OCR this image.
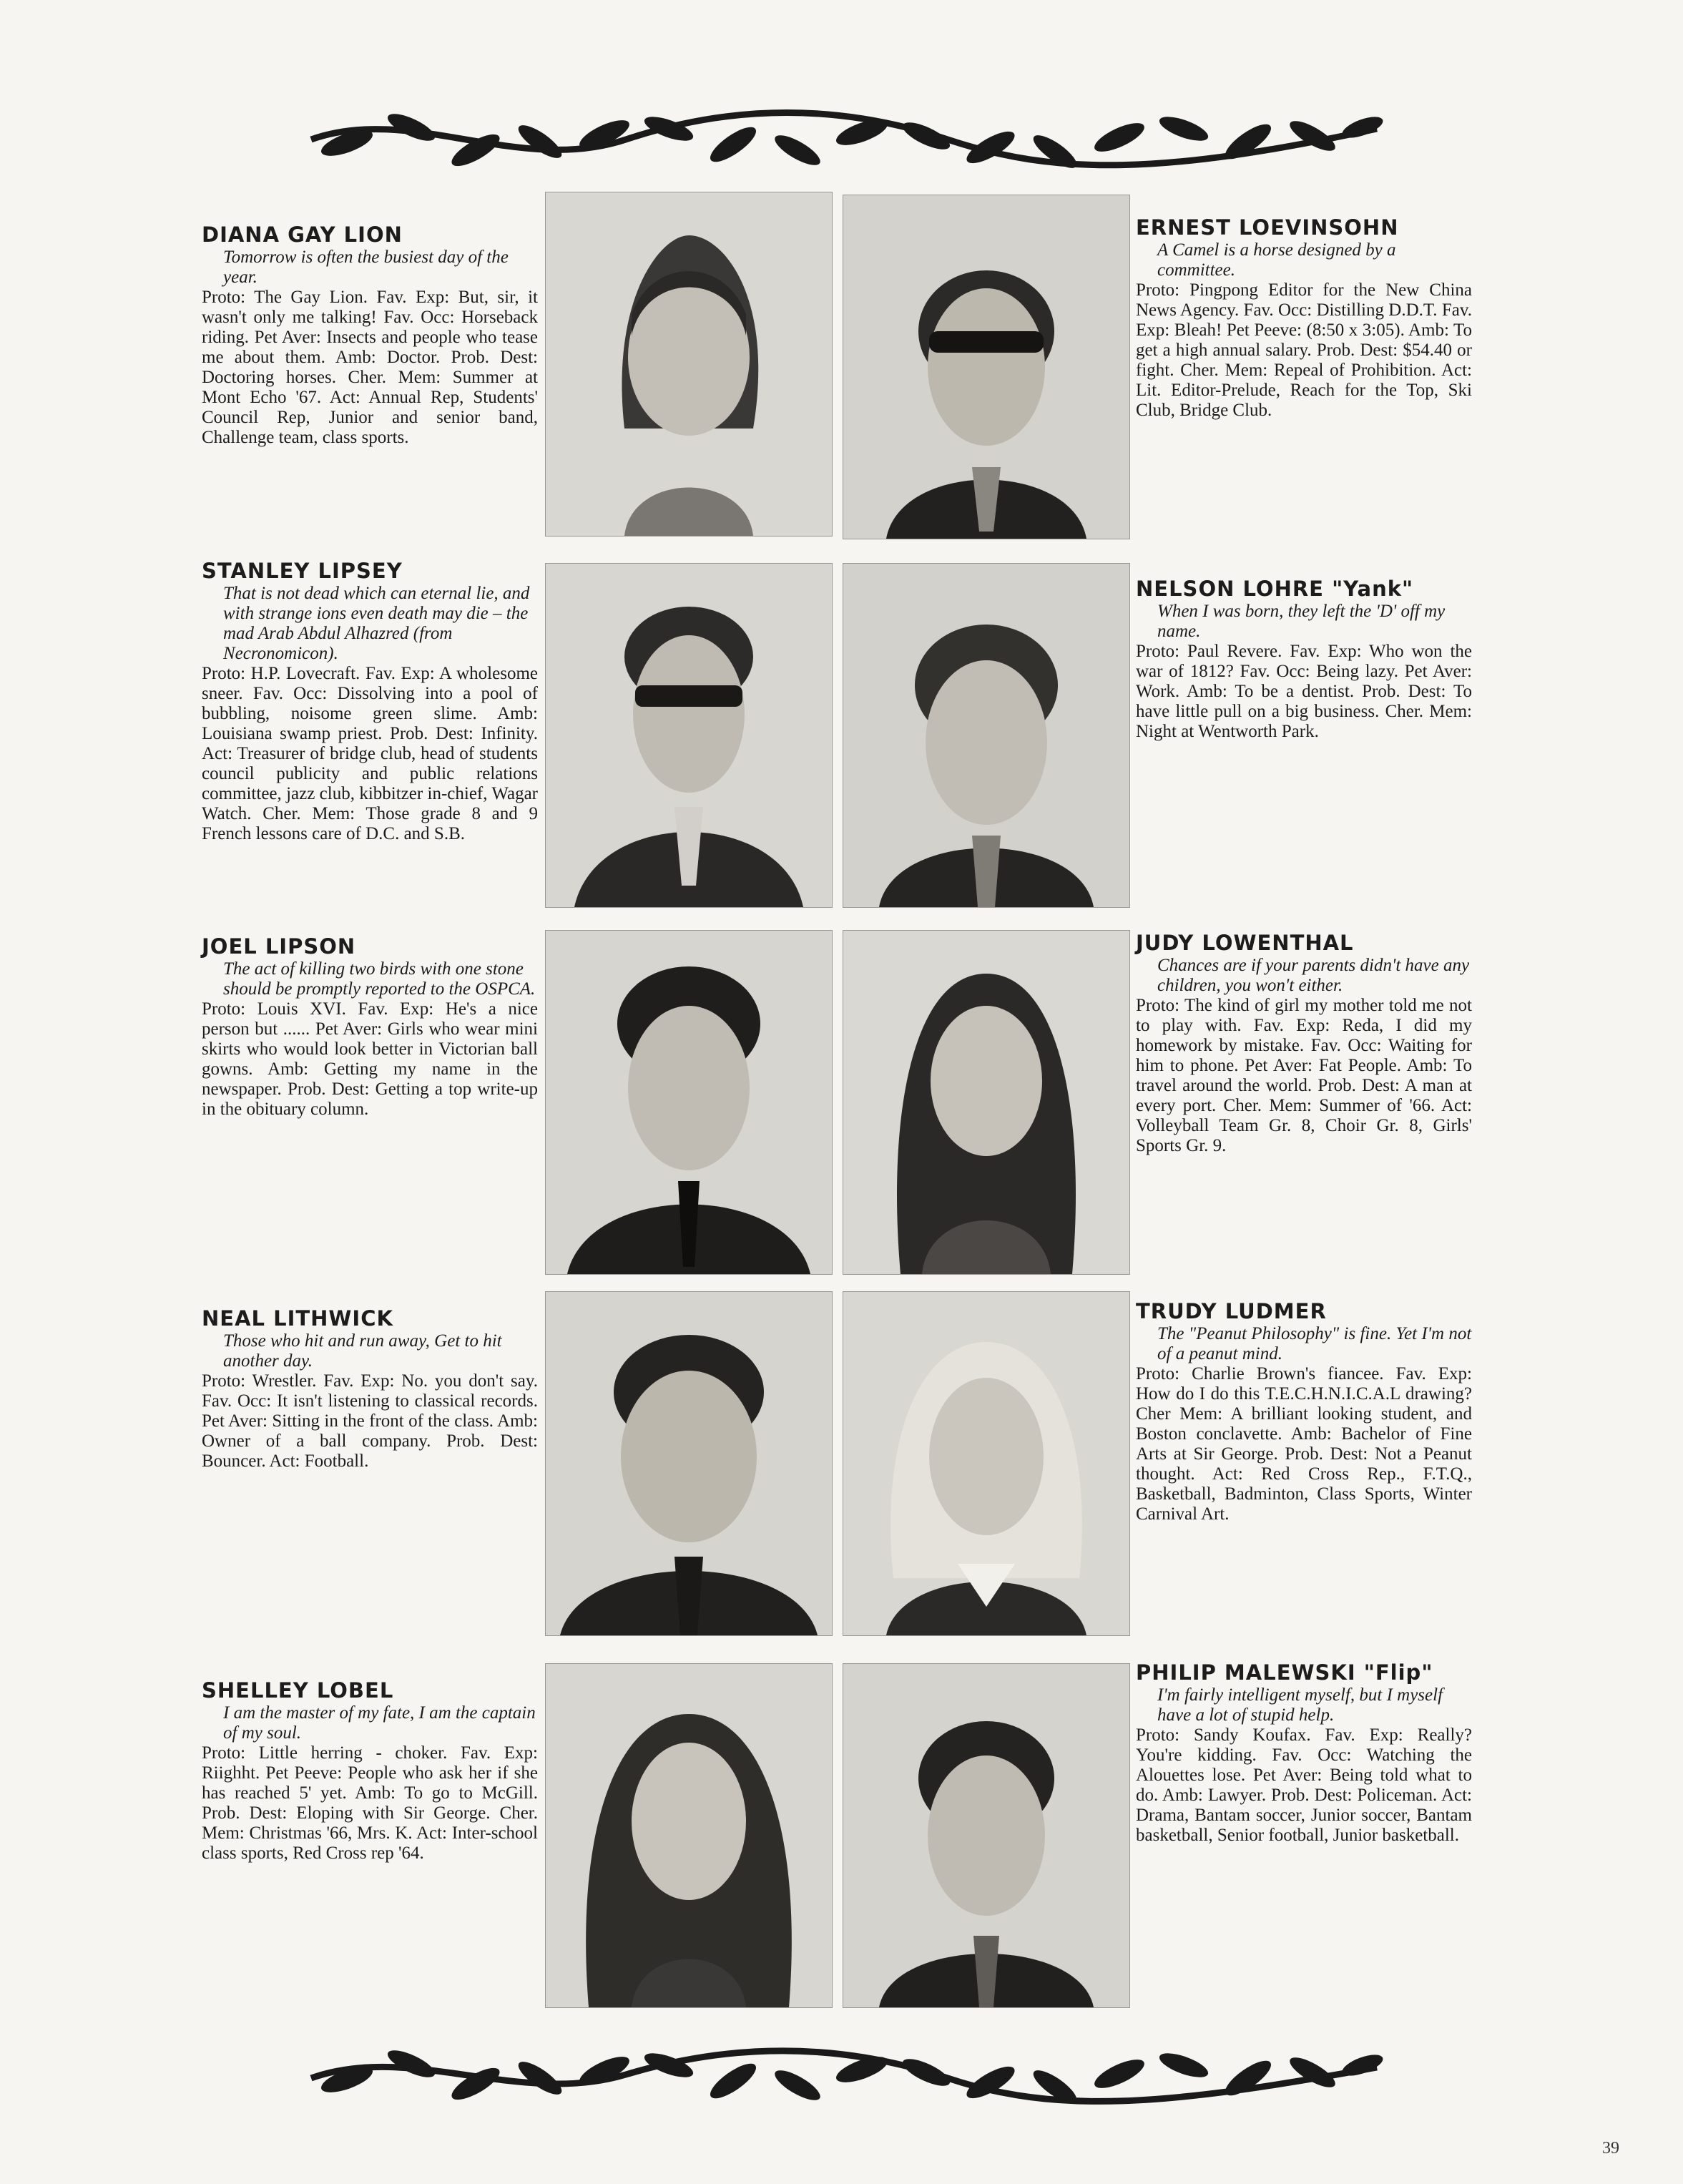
DIANA GAY LION

Tomorrow is often the busiest day of the year.

Proto: The Gay Lion. Fav. Exp: But, sir, it wasn't only me talking! Fav. Occ: Horseback riding. Pet Aver: Insects and people who tease me about them. Amb: Doctor. Prob. Dest: Doctoring horses. Cher. Mem: Summer at Mont Echo '67. Act: Annual Rep, Students' Council Rep, Junior and senior band, Challenge team, class sports.

STANLEY LIPSEY

That is not dead which can eternal lie, and with strange ions even death may die – the mad Arab Abdul Alhazred (from Necronomicon).

Proto: H.P. Lovecraft. Fav. Exp: A wholesome sneer. Fav. Occ: Dissolving into a pool of bubbling, noisome green slime. Amb: Louisiana swamp priest. Prob. Dest: Infinity. Act: Treasurer of bridge club, head of students council publicity and public relations committee, jazz club, kibbitzer in-chief, Wagar Watch. Cher. Mem: Those grade 8 and 9 French lessons care of D.C. and S.B.

JOEL LIPSON

The act of killing two birds with one stone should be promptly reported to the OSPCA.

Proto: Louis XVI. Fav. Exp: He's a nice person but ...... Pet Aver: Girls who wear mini skirts who would look better in Victorian ball gowns. Amb: Getting my name in the newspaper. Prob. Dest: Getting a top write-up in the obituary column.

NEAL LITHWICK

Those who hit and run away, Get to hit another day.

Proto: Wrestler. Fav. Exp: No. you don't say. Fav. Occ: It isn't listening to classical records. Pet Aver: Sitting in the front of the class. Amb: Owner of a ball company. Prob. Dest: Bouncer. Act: Football.

SHELLEY LOBEL

I am the master of my fate, I am the captain of my soul.

Proto: Little herring - choker. Fav. Exp: Riighht. Pet Peeve: People who ask her if she has reached 5' yet. Amb: To go to McGill. Prob. Dest: Eloping with Sir George. Cher. Mem: Christmas '66, Mrs. K. Act: Inter-school class sports, Red Cross rep '64.

ERNEST LOEVINSOHN

A Camel is a horse designed by a committee.

Proto: Pingpong Editor for the New China News Agency. Fav. Occ: Distilling D.D.T. Fav. Exp: Bleah! Pet Peeve: (8:50 x 3:05). Amb: To get a high annual salary. Prob. Dest: $54.40 or fight. Cher. Mem: Repeal of Prohibition. Act: Lit. Editor-Prelude, Reach for the Top, Ski Club, Bridge Club.

NELSON LOHRE "Yank"

When I was born, they left the 'D' off my name.

Proto: Paul Revere. Fav. Exp: Who won the war of 1812? Fav. Occ: Being lazy. Pet Aver: Work. Amb: To be a dentist. Prob. Dest: To have little pull on a big business. Cher. Mem: Night at Wentworth Park.

JUDY LOWENTHAL

Chances are if your parents didn't have any children, you won't either.

Proto: The kind of girl my mother told me not to play with. Fav. Exp: Reda, I did my homework by mistake. Fav. Occ: Waiting for him to phone. Pet Aver: Fat People. Amb: To travel around the world. Prob. Dest: A man at every port. Cher. Mem: Summer of '66. Act: Volleyball Team Gr. 8, Choir Gr. 8, Girls' Sports Gr. 9.

TRUDY LUDMER

The "Peanut Philosophy" is fine. Yet I'm not of a peanut mind.

Proto: Charlie Brown's fiancee. Fav. Exp: How do I do this T.E.C.H.N.I.C.A.L drawing? Cher Mem: A brilliant looking student, and Boston conclavette. Amb: Bachelor of Fine Arts at Sir George. Prob. Dest: Not a Peanut thought. Act: Red Cross Rep., F.T.Q., Basketball, Badminton, Class Sports, Winter Carnival Art.

PHILIP MALEWSKI "Flip"

I'm fairly intelligent myself, but I myself have a lot of stupid help.

Proto: Sandy Koufax. Fav. Exp: Really? You're kidding. Fav. Occ: Watching the Alouettes lose. Pet Aver: Being told what to do. Amb: Lawyer. Prob. Dest: Policeman. Act: Drama, Bantam soccer, Junior soccer, Bantam basketball, Senior football, Junior basketball.

39
